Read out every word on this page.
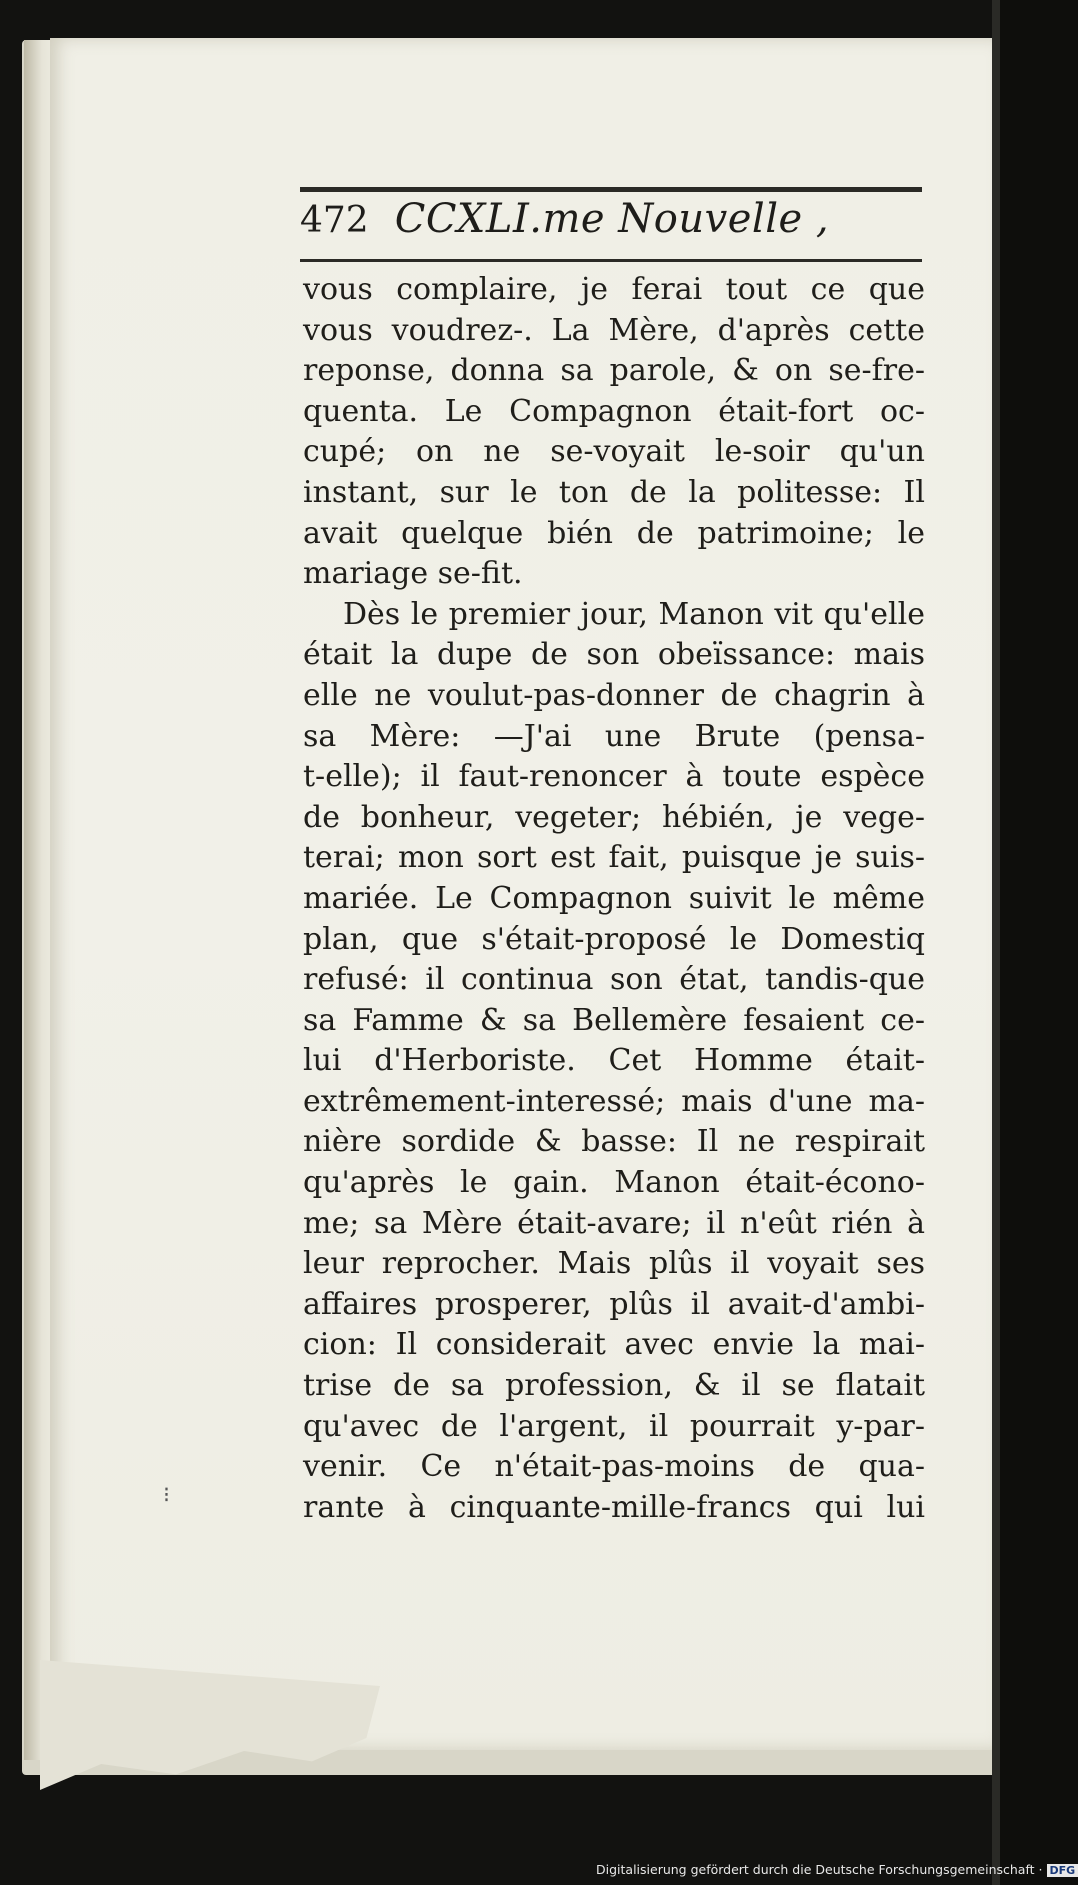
472 CCXLI.me Nouvelle ,
vous complaire, je ferai tout ce que
vous voudrez-. La Mère, d'après cette
reponse, donna sa parole, & on se-fre-
quenta. Le Compagnon était-fort oc-
cupé; on ne se-voyait le-soir qu'un
instant, sur le ton de la politesse: Il
avait quelque bién de patrimoine; le
mariage se-fit.
Dès le premier jour, Manon vit qu'elle
était la dupe de son obeïssance: mais
elle ne voulut-pas-donner de chagrin à
sa Mère: —J'ai une Brute (pensa-
t-elle); il faut-renoncer à toute espèce
de bonheur, vegeter; hébién, je vege-
terai; mon sort est fait, puisque je suis-
mariée. Le Compagnon suivit le même
plan, que s'était-proposé le Domestiq
refusé: il continua son état, tandis-que
sa Famme & sa Bellemère fesaient ce-
lui d'Herboriste. Cet Homme était-
extrêmement-interessé; mais d'une ma-
nière sordide & basse: Il ne respirait
qu'après le gain. Manon était-écono-
me; sa Mère était-avare; il n'eût rién à
leur reprocher. Mais plûs il voyait ses
affaires prosperer, plûs il avait-d'ambi-
cion: Il considerait avec envie la mai-
trise de sa profession, & il se flatait
qu'avec de l'argent, il pourrait y-par-
venir. Ce n'était-pas-moins de qua-
rante à cinquante-mille-francs qui lui
⁝
Digitalisierung gefördert durch die Deutsche Forschungsgemeinschaft · DFG
